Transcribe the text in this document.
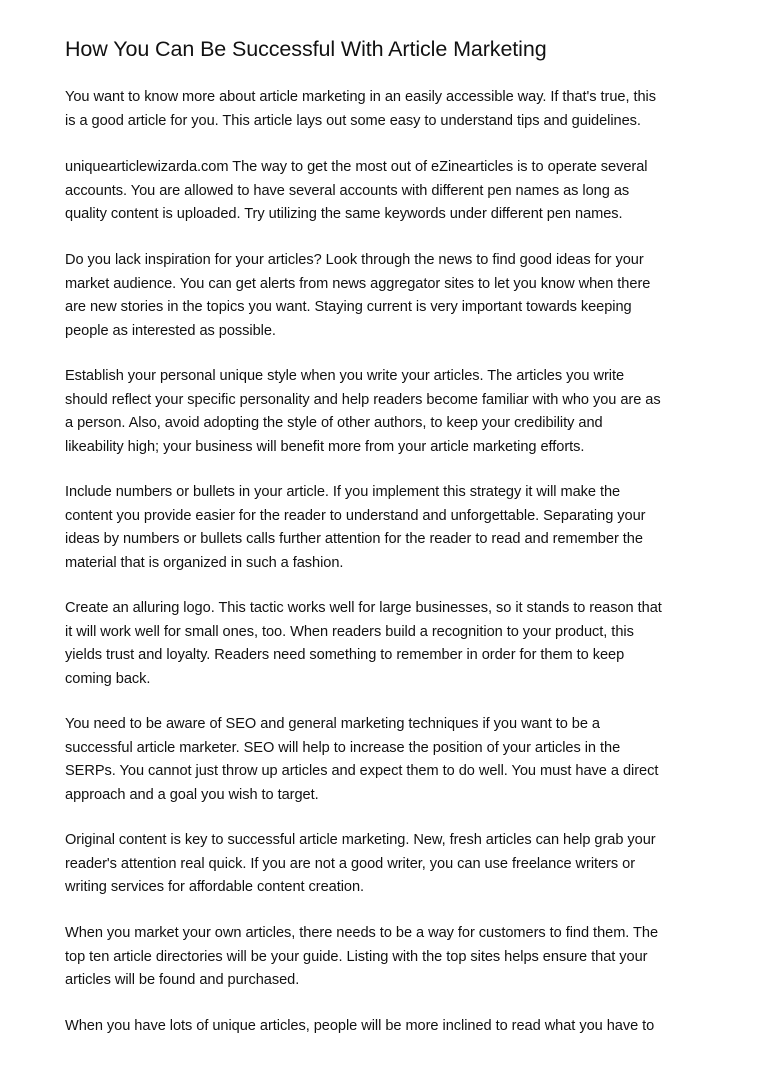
How You Can Be Successful With Article Marketing

You want to know more about article marketing in an easily accessible way. If that's true, this
is a good article for you. This article lays out some easy to understand tips and guidelines.

uniquearticlewizarda.com The way to get the most out of eZinearticles is to operate several
accounts. You are allowed to have several accounts with different pen names as long as
quality content is uploaded. Try utilizing the same keywords under different pen names.

Do you lack inspiration for your articles? Look through the news to find good ideas for your
market audience. You can get alerts from news aggregator sites to let you know when there
are new stories in the topics you want. Staying current is very important towards keeping
people as interested as possible.

Establish your personal unique style when you write your articles. The articles you write
should reflect your specific personality and help readers become familiar with who you are as
a person. Also, avoid adopting the style of other authors, to keep your credibility and
likeability high; your business will benefit more from your article marketing efforts.

Include numbers or bullets in your article. If you implement this strategy it will make the
content you provide easier for the reader to understand and unforgettable. Separating your
ideas by numbers or bullets calls further attention for the reader to read and remember the
material that is organized in such a fashion.

Create an alluring logo. This tactic works well for large businesses, so it stands to reason that
it will work well for small ones, too. When readers build a recognition to your product, this
yields trust and loyalty. Readers need something to remember in order for them to keep
coming back.

You need to be aware of SEO and general marketing techniques if you want to be a
successful article marketer. SEO will help to increase the position of your articles in the
SERPs. You cannot just throw up articles and expect them to do well. You must have a direct
approach and a goal you wish to target.

Original content is key to successful article marketing. New, fresh articles can help grab your
reader's attention real quick. If you are not a good writer, you can use freelance writers or
writing services for affordable content creation.

When you market your own articles, there needs to be a way for customers to find them. The
top ten article directories will be your guide. Listing with the top sites helps ensure that your
articles will be found and purchased.

When you have lots of unique articles, people will be more inclined to read what you have to
